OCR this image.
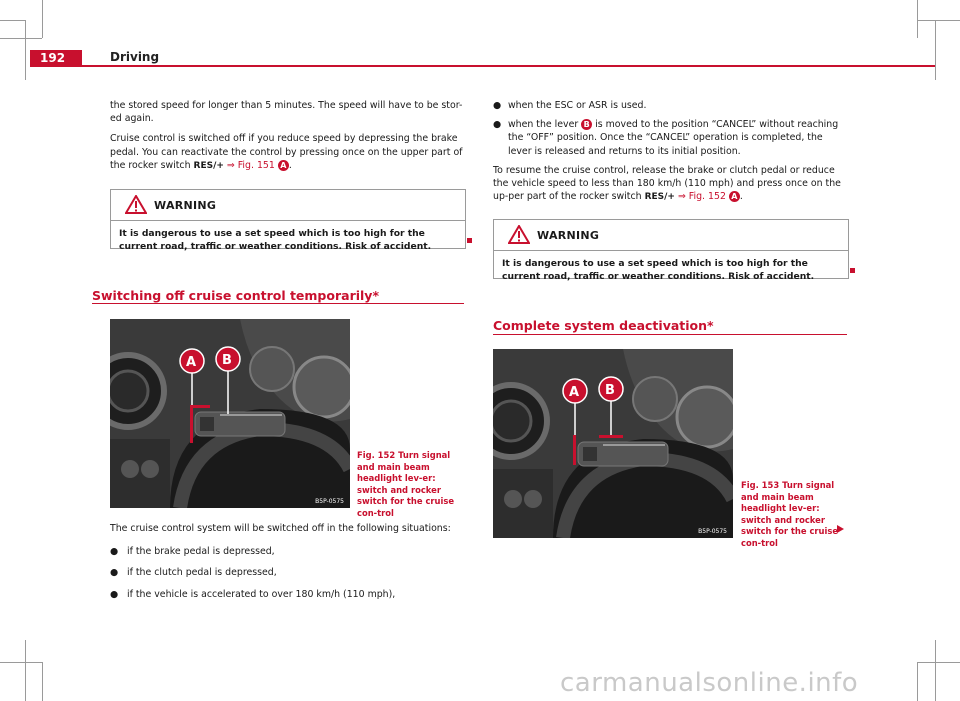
192	Driving

the stored speed for longer than 5 minutes. The speed will have to be stor-ed again.

Cruise control is switched off if you reduce speed by depressing the brake pedal. You can reactivate the control by pressing once on the upper part of the rocker switch RES/+ ⇒ Fig. 151 A .

WARNING
It is dangerous to use a set speed which is too high for the current road, traffic or weather conditions. Risk of accident.
Switching off cruise control temporarily*
A B
B5P-0575
Fig. 152 Turn signal and main beam headlight lev-er: switch and rocker switch for the cruise con-trol

The cruise control system will be switched off in the following situations:

● if the brake pedal is depressed,
● if the clutch pedal is depressed,
● if the vehicle is accelerated to over 180 km/h (110 mph),
● when the ESC or ASR is used.
● when the lever B is moved to the position “CANCEL” without reaching the “OFF” position. Once the “CANCEL” operation is completed, the lever is released and returns to its initial position.

To resume the cruise control, release the brake or clutch pedal or reduce the vehicle speed to less than 180 km/h (110 mph) and press once on the up-per part of the rocker switch RES/+ ⇒ Fig. 152 A .

WARNING
It is dangerous to use a set speed which is too high for the current road, traffic or weather conditions. Risk of accident.
Complete system deactivation*
A B
B5P-0575
Fig. 153 Turn signal and main beam headlight lev-er: switch and rocker switch for the cruise con-trol
carmanualsonline.info
